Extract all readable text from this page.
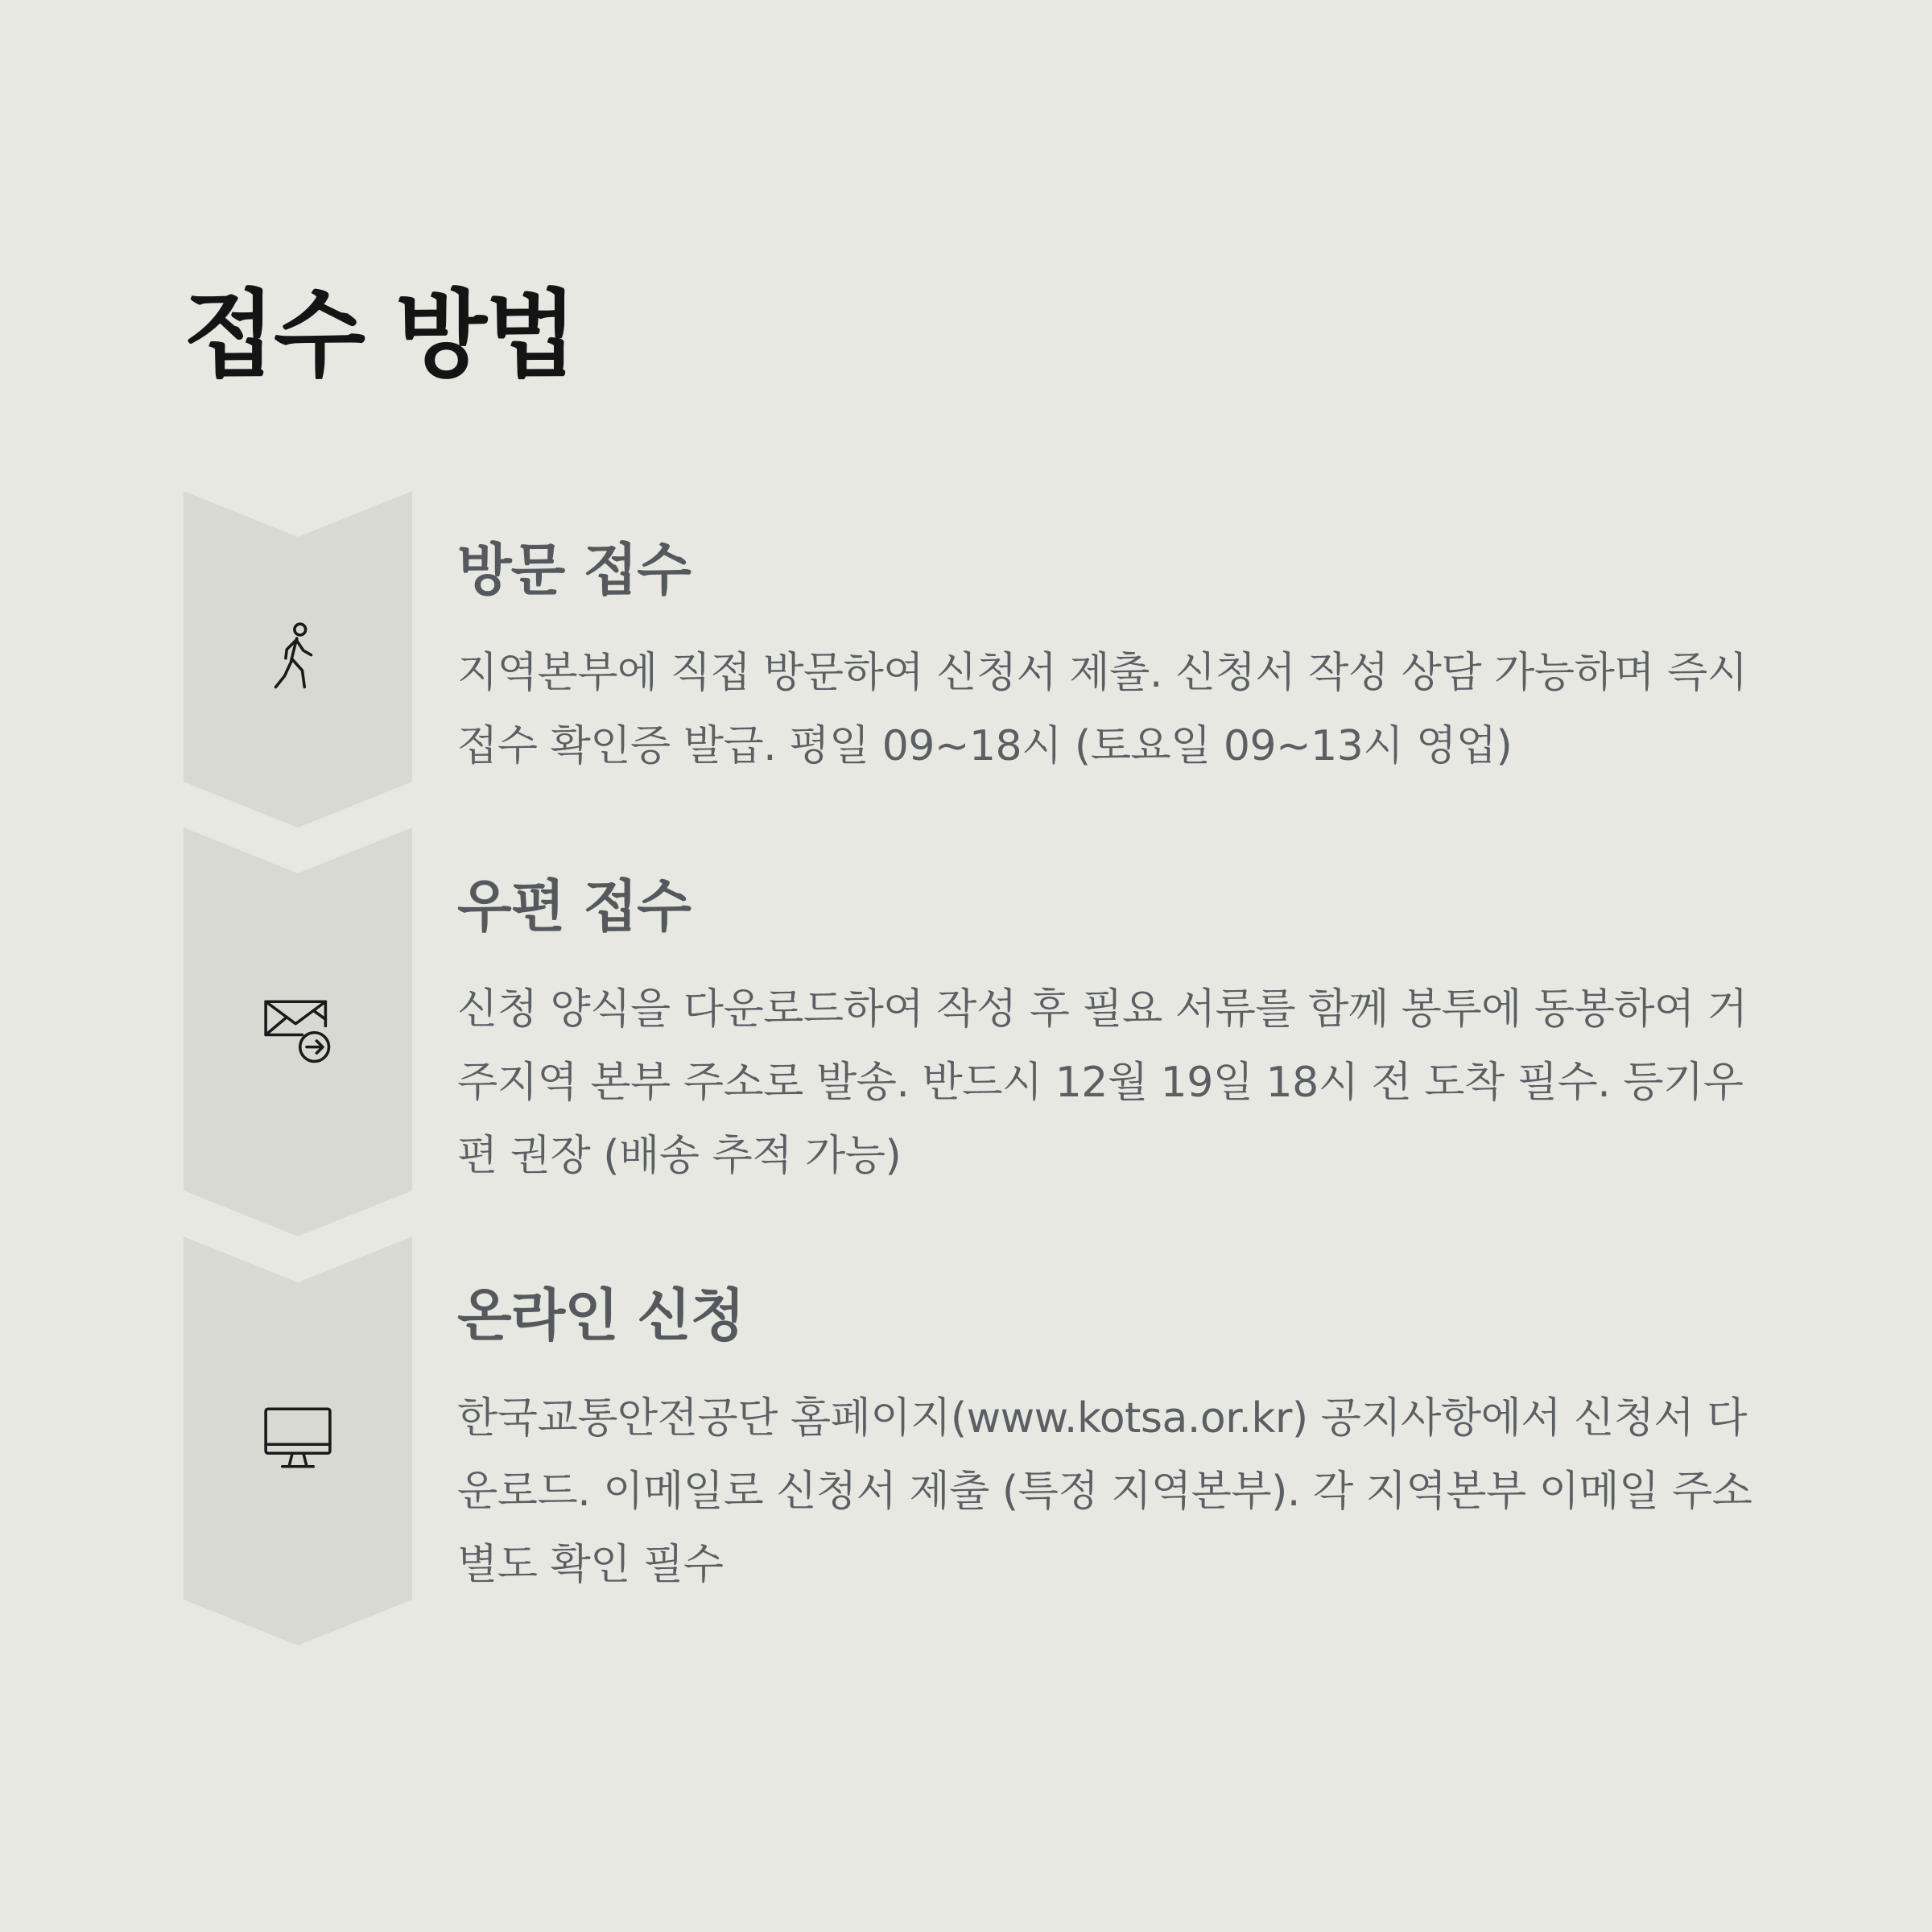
접수 방법
방문 접수

지역본부에 직접 방문하여 신청서 제출. 신청서 작성 상담 가능하며 즉시 접수 확인증 발급. 평일 09~18시 (토요일 09~13시 영업)

우편 접수

신청 양식을 다운로드하여 작성 후 필요 서류를 함께 봉투에 동봉하여 거주지역 본부 주소로 발송. 반드시 12월 19일 18시 전 도착 필수. 등기우편 권장 (배송 추적 가능)

온라인 신청

한국교통안전공단 홈페이지(www.kotsa.or.kr) 공지사항에서 신청서 다운로드. 이메일로 신청서 제출 (특정 지역본부). 각 지역본부 이메일 주소 별도 확인 필수
